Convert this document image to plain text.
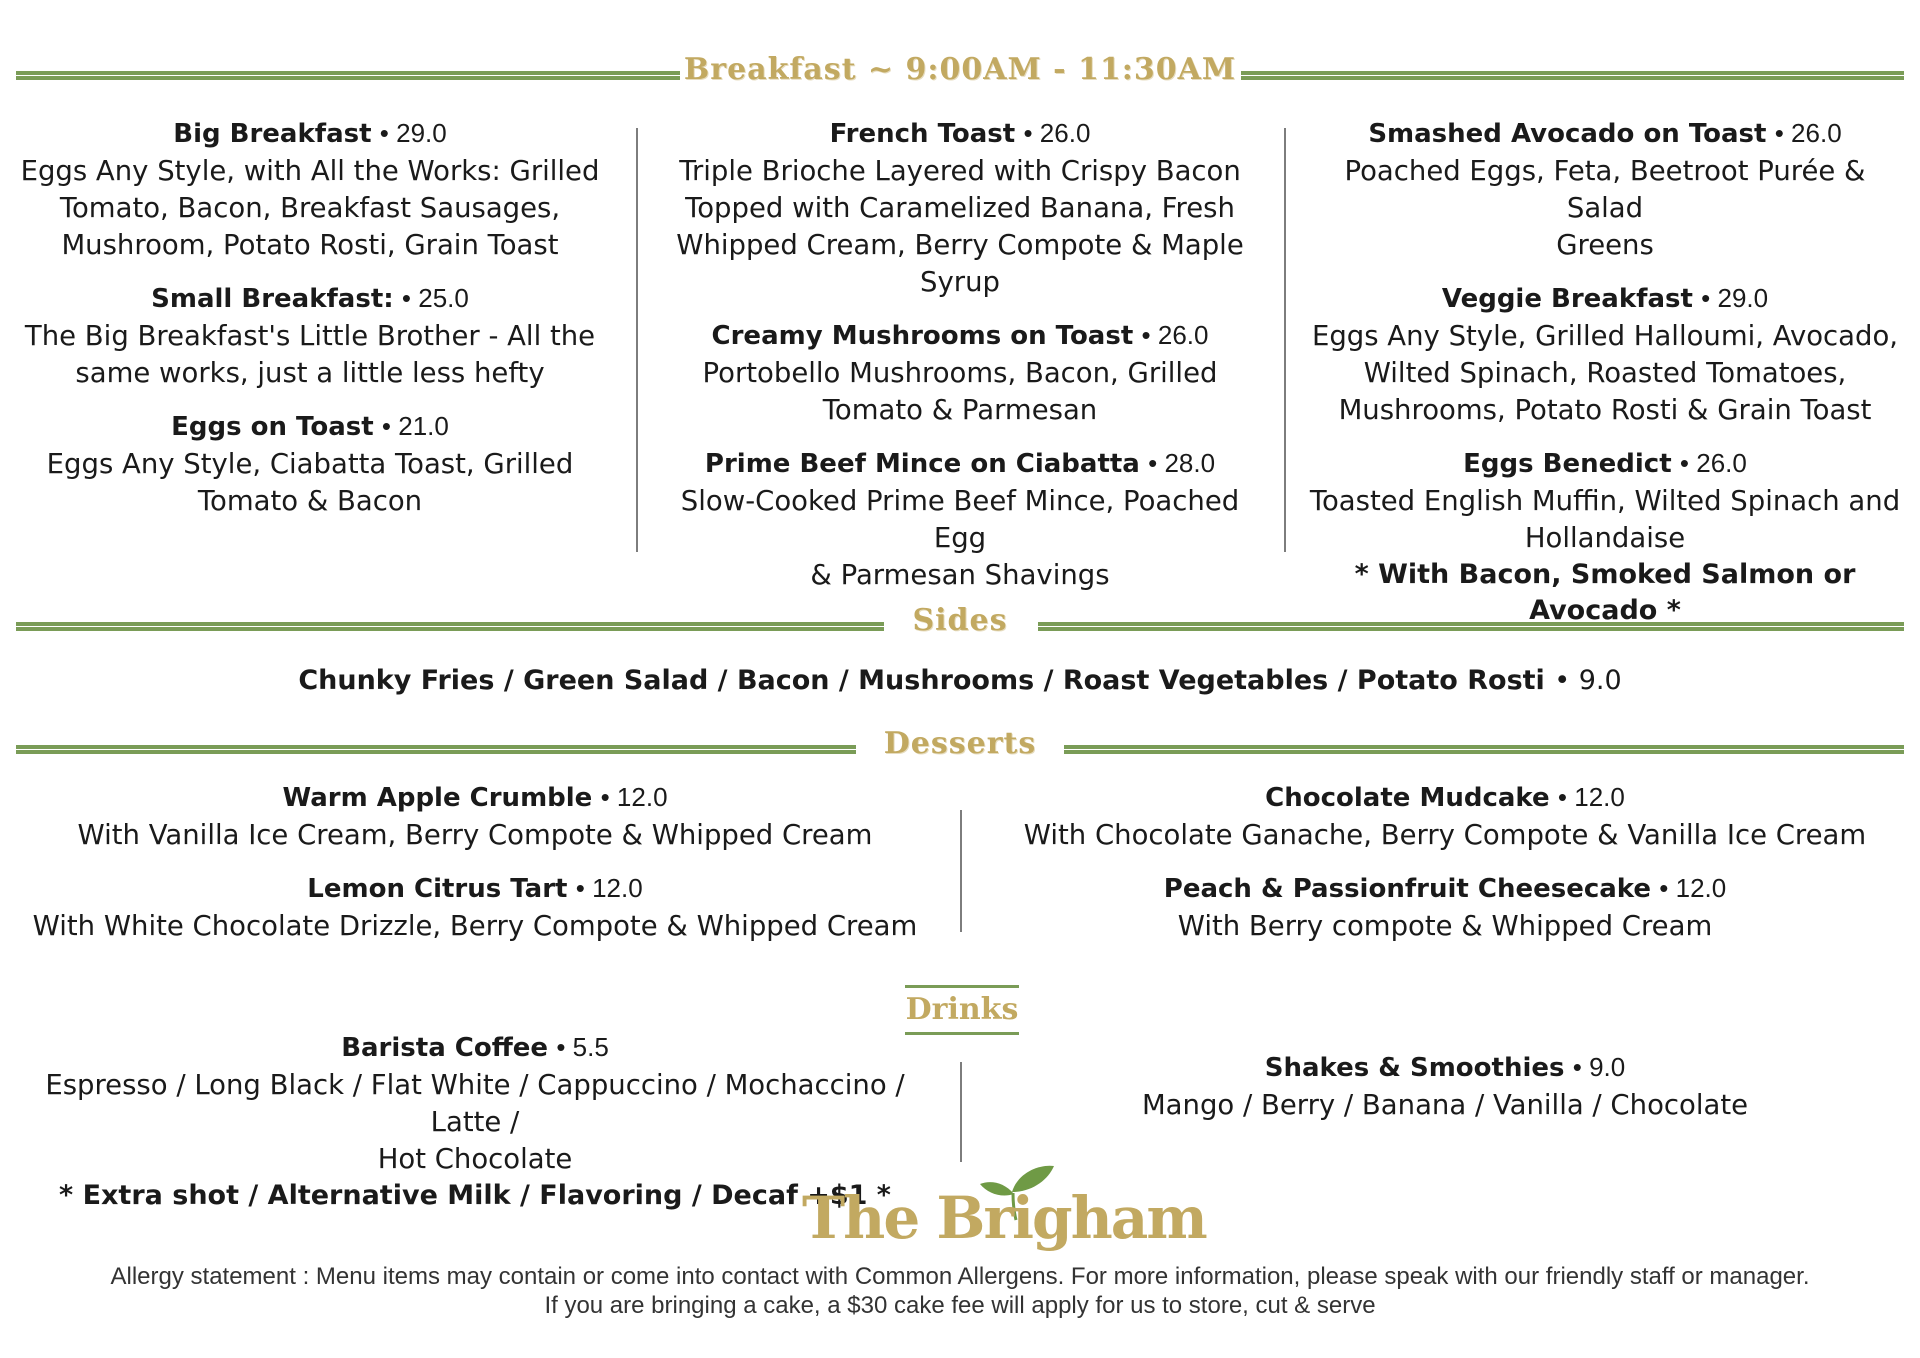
Breakfast ~ 9:00AM - 11:30AM
Big Breakfast • 29.0
Eggs Any Style, with All the Works: Grilled
Tomato, Bacon, Breakfast Sausages,
Mushroom, Potato Rosti, Grain Toast
Small Breakfast: • 25.0
The Big Breakfast's Little Brother - All the
same works, just a little less hefty
Eggs on Toast • 21.0
Eggs Any Style, Ciabatta Toast, Grilled
Tomato & Bacon
French Toast • 26.0
Triple Brioche Layered with Crispy Bacon
Topped with Caramelized Banana, Fresh
Whipped Cream, Berry Compote & Maple
Syrup
Creamy Mushrooms on Toast • 26.0
Portobello Mushrooms, Bacon, Grilled
Tomato & Parmesan
Prime Beef Mince on Ciabatta • 28.0
Slow-Cooked Prime Beef Mince, Poached Egg
& Parmesan Shavings
Smashed Avocado on Toast • 26.0
Poached Eggs, Feta, Beetroot Purée & Salad
Greens
Veggie Breakfast • 29.0
Eggs Any Style, Grilled Halloumi, Avocado,
Wilted Spinach, Roasted Tomatoes,
Mushrooms, Potato Rosti & Grain Toast
Eggs Benedict • 26.0
Toasted English Muffin, Wilted Spinach and
Hollandaise
* With Bacon, Smoked Salmon or Avocado *
Sides
Chunky Fries / Green Salad / Bacon / Mushrooms / Roast Vegetables / Potato Rosti • 9.0
Desserts
Warm Apple Crumble • 12.0
With Vanilla Ice Cream, Berry Compote & Whipped Cream
Lemon Citrus Tart • 12.0
With White Chocolate Drizzle, Berry Compote & Whipped Cream
Chocolate Mudcake • 12.0
With Chocolate Ganache, Berry Compote & Vanilla Ice Cream
Peach & Passionfruit Cheesecake • 12.0
With Berry compote & Whipped Cream
Drinks
Barista Coffee • 5.5
Espresso / Long Black / Flat White / Cappuccino / Mochaccino / Latte /
Hot Chocolate
* Extra shot / Alternative Milk / Flavoring / Decaf +$1 *
Shakes & Smoothies • 9.0
Mango / Berry / Banana / Vanilla / Chocolate
The Brigham
Allergy statement : Menu items may contain or come into contact with Common Allergens. For more information, please speak with our friendly staff or manager.
If you are bringing a cake, a $30 cake fee will apply for us to store, cut & serve
